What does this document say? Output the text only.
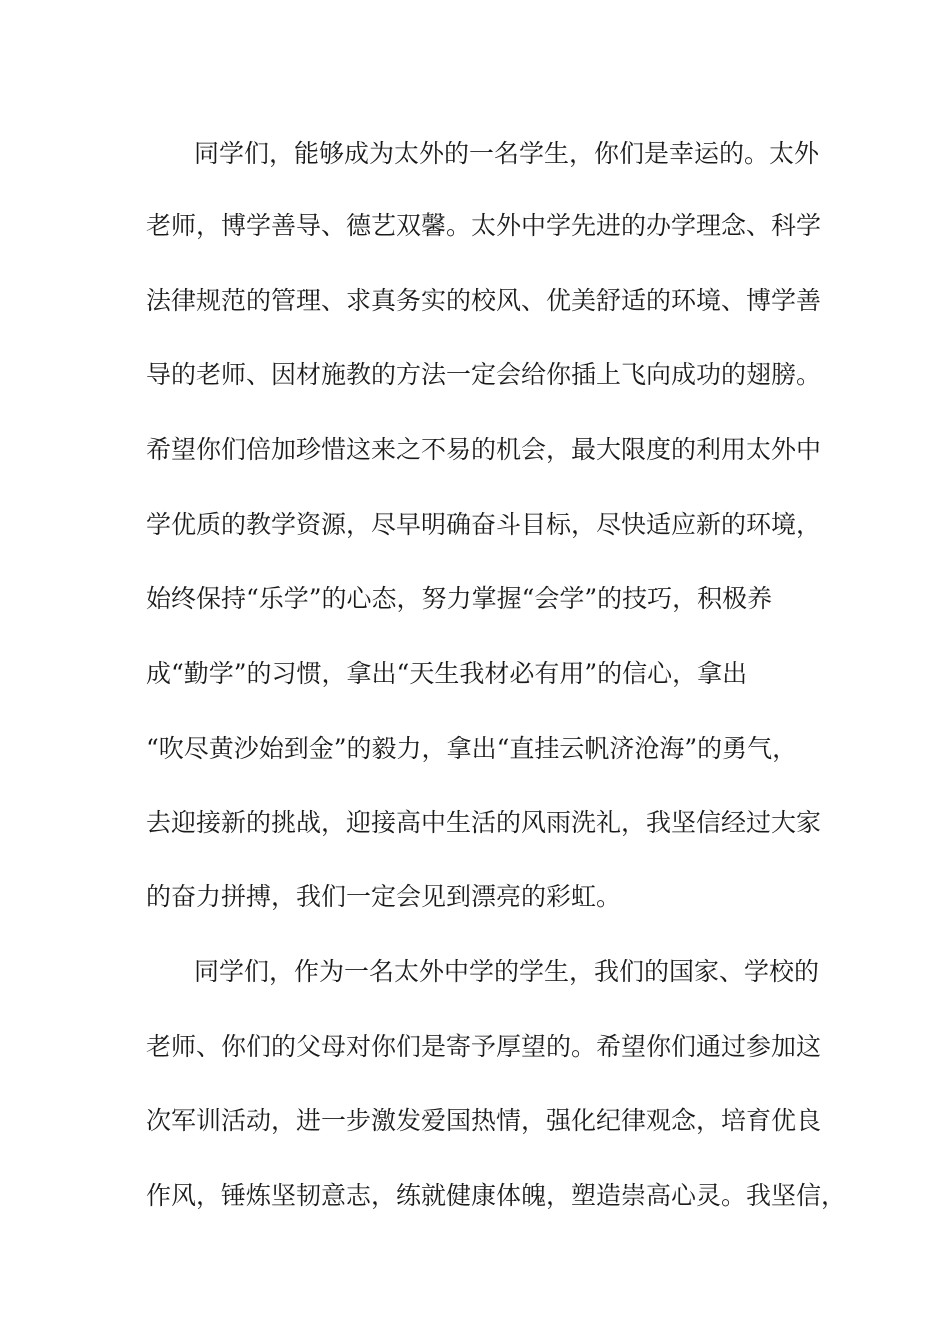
同学们，能够成为太外的一名学生，你们是幸运的。太外
老师，博学善导、德艺双馨。太外中学先进的办学理念、科学
法律规范的管理、求真务实的校风、优美舒适的环境、博学善
导的老师、因材施教的方法一定会给你插上飞向成功的翅膀。
希望你们倍加珍惜这来之不易的机会，最大限度的利用太外中
学优质的教学资源，尽早明确奋斗目标，尽快适应新的环境，
始终保持“乐学”的心态，努力掌握“会学”的技巧，积极养
成“勤学”的习惯，拿出“天生我材必有用”的信心，拿出
“吹尽黄沙始到金”的毅力，拿出“直挂云帆济沧海”的勇气，
去迎接新的挑战，迎接高中生活的风雨洗礼，我坚信经过大家
的奋力拼搏，我们一定会见到漂亮的彩虹。
同学们，作为一名太外中学的学生，我们的国家、学校的
老师、你们的父母对你们是寄予厚望的。希望你们通过参加这
次军训活动，进一步激发爱国热情，强化纪律观念，培育优良
作风，锤炼坚韧意志，练就健康体魄，塑造崇高心灵。我坚信，
